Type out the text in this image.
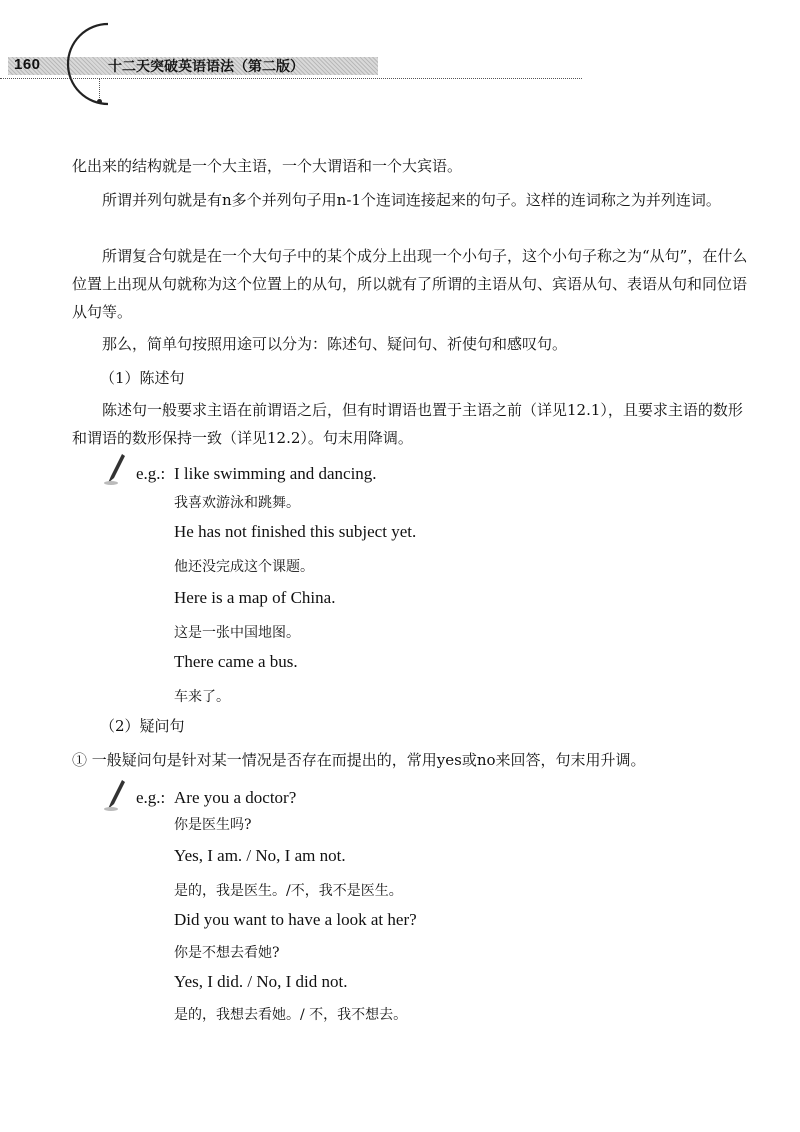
160	十二天突破英语语法（第二版）

化出来的结构就是一个大主语，一个大谓语和一个大宾语。

所谓并列句就是有n多个并列句子用n-1个连词连接起来的句子。这样的连词称之为并列连词。

所谓复合句就是在一个大句子中的某个成分上出现一个小句子，这个小句子称之为“从句”，在什么位置上出现从句就称为这个位置上的从句，所以就有了所谓的主语从句、宾语从句、表语从句和同位语从句等。

那么，简单句按照用途可以分为：陈述句、疑问句、祈使句和感叹句。

（1）陈述句

陈述句一般要求主语在前谓语之后，但有时谓语也置于主语之前（详见12.1），且要求主语的数形和谓语的数形保持一致（详见12.2）。句末用降调。

e.g.: I like swimming and dancing.
我喜欢游泳和跳舞。
He has not finished this subject yet.
他还没完成这个课题。
Here is a map of China.
这是一张中国地图。
There came a bus.
车来了。

（2）疑问句

① 一般疑问句是针对某一情况是否存在而提出的，常用yes或no来回答，句末用升调。

e.g.: Are you a doctor?
你是医生吗?
Yes, I am. / No, I am not.
是的，我是医生。/不，我不是医生。
Did you want to have a look at her?
你是不想去看她?
Yes, I did. / No, I did not.
是的，我想去看她。/ 不，我不想去。
